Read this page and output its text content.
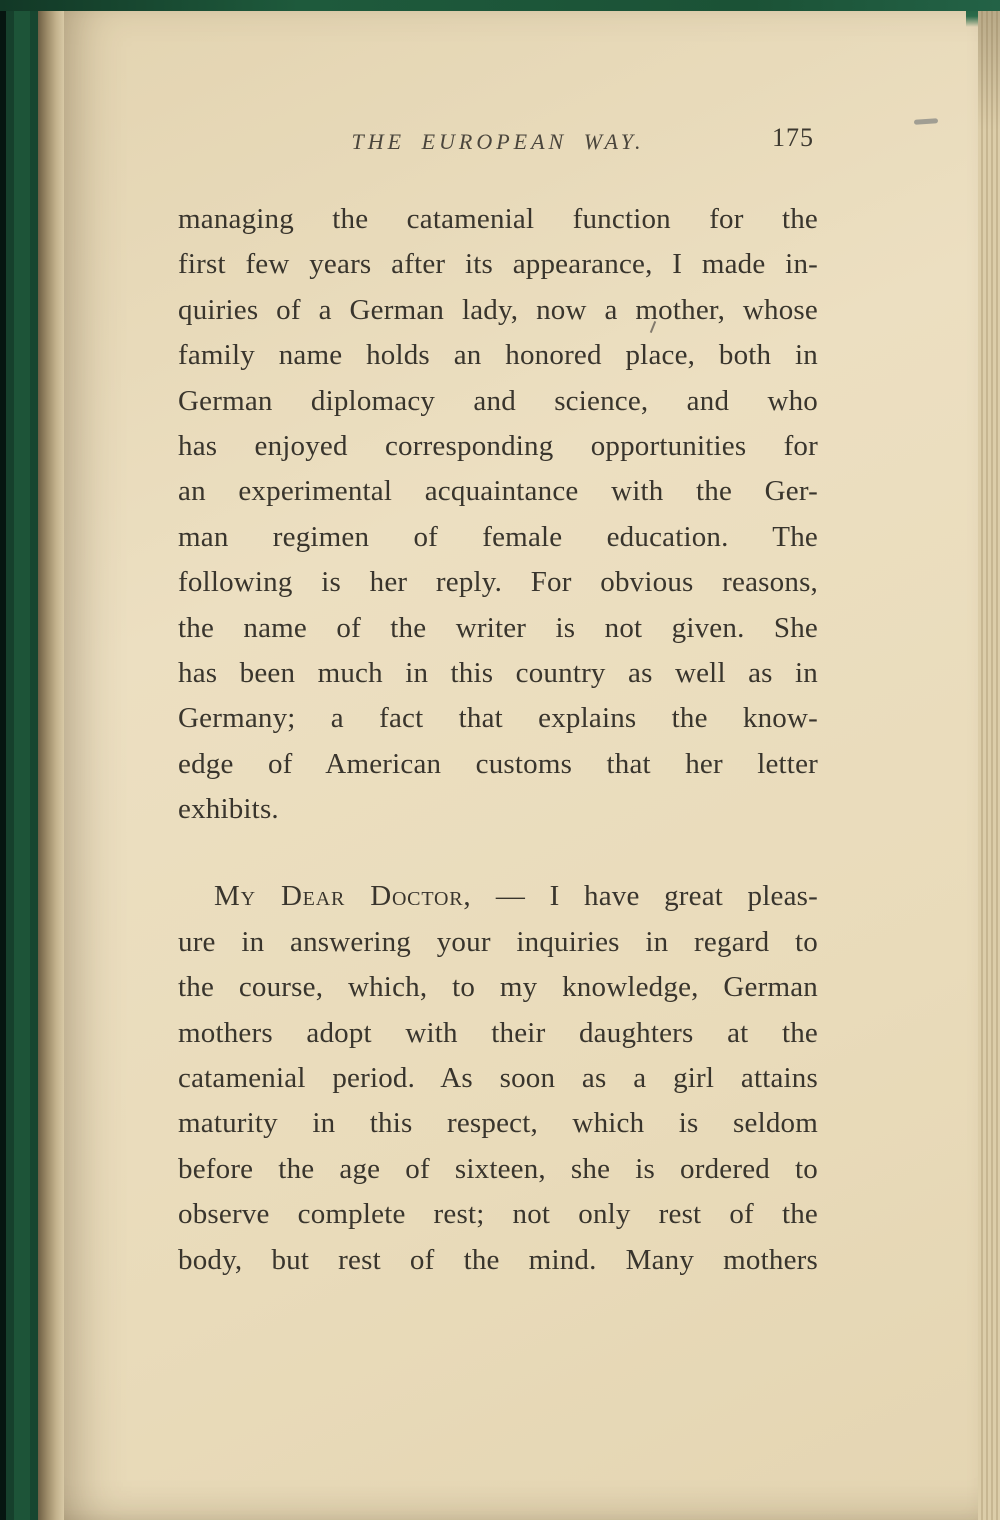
THE EUROPEAN WAY.	175
managing the catamenial function for the
first few years after its appearance, I made in-
quiries of a German lady, now a mother, whose
family name holds an honored place, both in
German diplomacy and science, and who
has enjoyed corresponding opportunities for
an experimental acquaintance with the Ger-
man regimen of female education. The
following is her reply. For obvious reasons,
the name of the writer is not given. She
has been much in this country as well as in
Germany; a fact that explains the know-
edge of American customs that her letter
exhibits.
My Dear Doctor, — I have great pleas-
ure in answering your inquiries in regard to
the course, which, to my knowledge, German
mothers adopt with their daughters at the
catamenial period. As soon as a girl attains
maturity in this respect, which is seldom
before the age of sixteen, she is ordered to
observe complete rest; not only rest of the
body, but rest of the mind. Many mothers
